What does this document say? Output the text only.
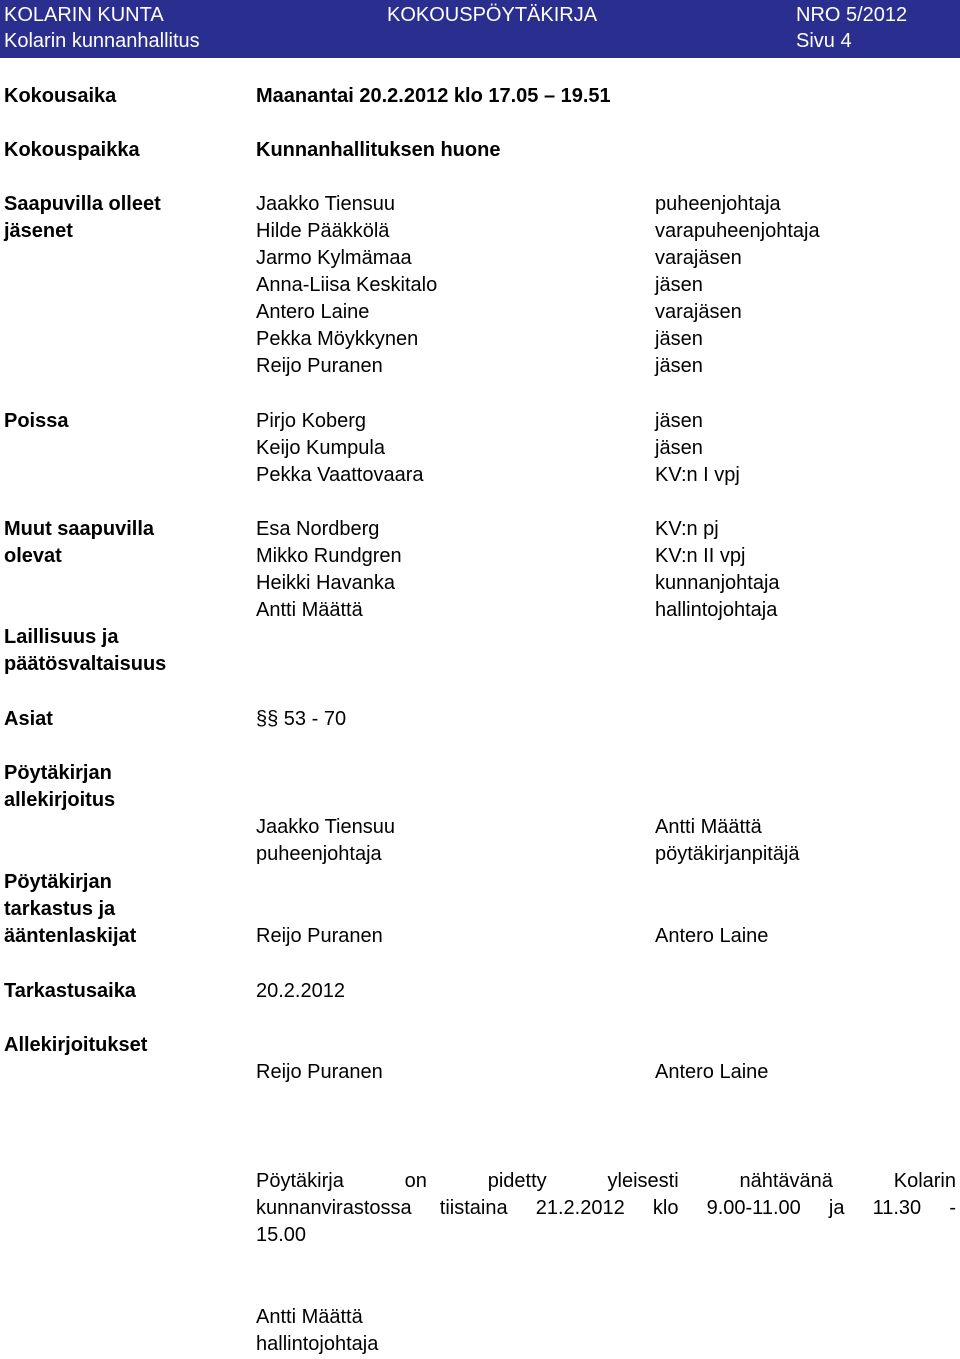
KOLARIN KUNTA	KOKOUSPÖYTÄKIRJA	NRO 5/2012
Kolarin kunnanhallitus	Sivu 4
Kokousaika	Maanantai 20.2.2012 klo 17.05 – 19.51
Kokouspaikka	Kunnanhallituksen huone
Saapuvilla olleet
jäsenet
Jaakko Tiensuu	puheenjohtaja
Hilde Pääkkölä	varapuheenjohtaja
Jarmo Kylmämaa	varajäsen
Anna-Liisa Keskitalo	jäsen
Antero Laine	varajäsen
Pekka Möykkynen	jäsen
Reijo Puranen	jäsen
Poissa	Pirjo Koberg	jäsen
Keijo Kumpula	jäsen
Pekka Vaattovaara	KV:n I vpj
Muut saapuvilla
olevat
Esa Nordberg	KV:n pj
Mikko Rundgren	KV:n II vpj
Heikki Havanka	kunnanjohtaja
Antti Määttä	hallintojohtaja
Laillisuus ja
päätösvaltaisuus
Asiat	§§ 53 - 70
Pöytäkirjan
allekirjoitus
Jaakko Tiensuu	Antti Määttä
puheenjohtaja	pöytäkirjanpitäjä
Pöytäkirjan
tarkastus ja
ääntenlaskijat	Reijo Puranen	Antero Laine
Tarkastusaika	20.2.2012
Allekirjoitukset
Reijo Puranen	Antero Laine
Pöytäkirja on pidetty yleisesti nähtävänä Kolarin
kunnanvirastossa tiistaina 21.2.2012 klo 9.00-11.00 ja 11.30 -
15.00
Antti Määttä
hallintojohtaja
